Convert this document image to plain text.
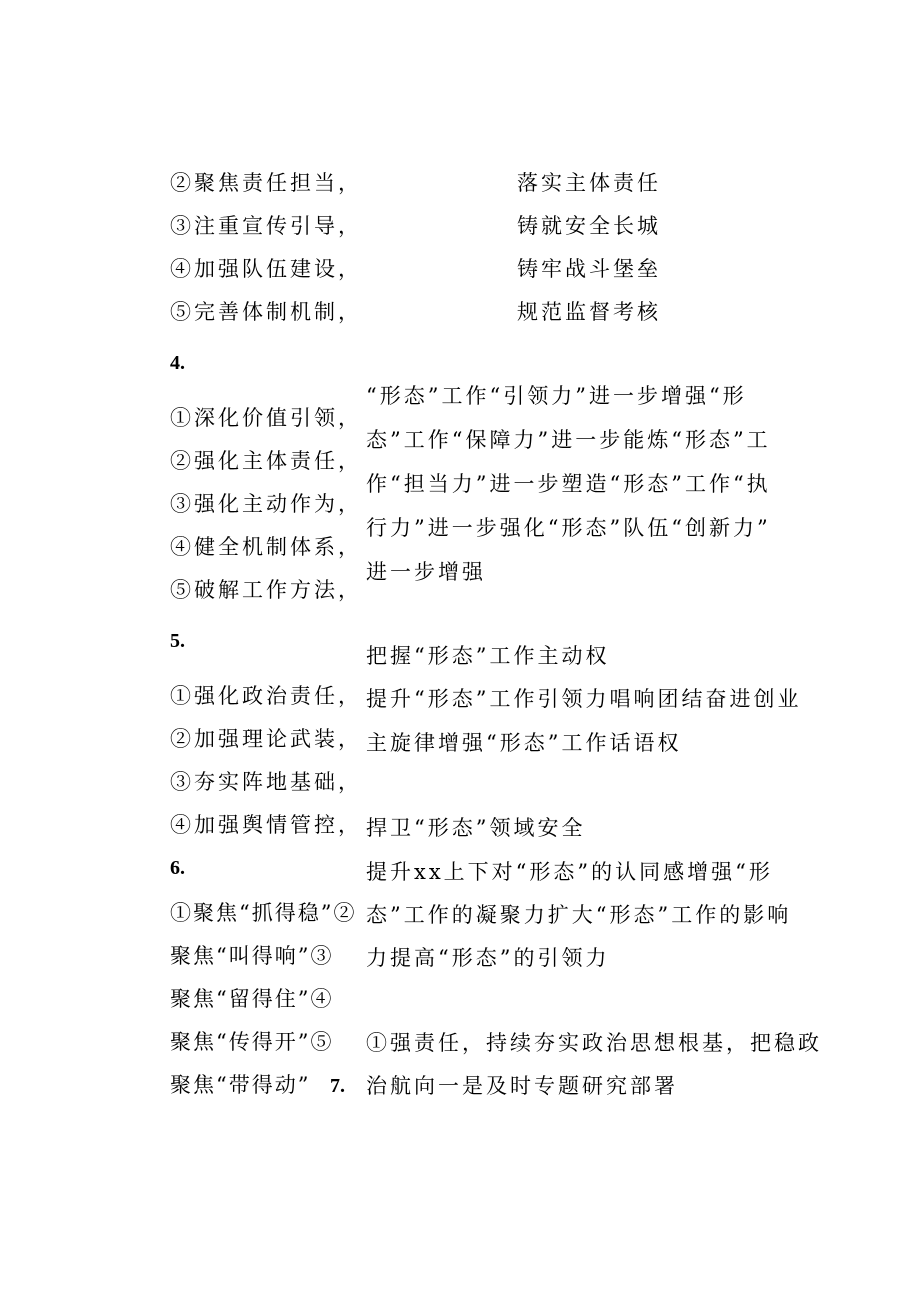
②聚焦责任担当，
③注重宣传引导，
④加强队伍建设，
⑤完善体制机制，
落实主体责任
铸就安全长城
铸牢战斗堡垒
规范监督考核
4.
①深化价值引领，
②强化主体责任，
③强化主动作为，
④健全机制体系，
⑤破解工作方法，
“形态”工作“引领力”进一步增强“形
态”工作“保障力”进一步能炼“形态”工
作“担当力”进一步塑造“形态”工作“执
行力”进一步强化“形态”队伍“创新力”
进一步增强
5.
①强化政治责任，
②加强理论武装，
③夯实阵地基础，
④加强舆情管控，
把握“形态”工作主动权
提升“形态”工作引领力唱响团结奋进创业
主旋律增强“形态”工作话语权
捍卫“形态”领域安全
6.
①聚焦“抓得稳”②
聚焦“叫得响”③
聚焦“留得住”④
聚焦“传得开”⑤
聚焦“带得动” 7.
提升xx上下对“形态”的认同感增强“形
态”工作的凝聚力扩大“形态”工作的影响
力提高“形态”的引领力
①强责任，持续夯实政治思想根基，把稳政
治航向一是及时专题研究部署
